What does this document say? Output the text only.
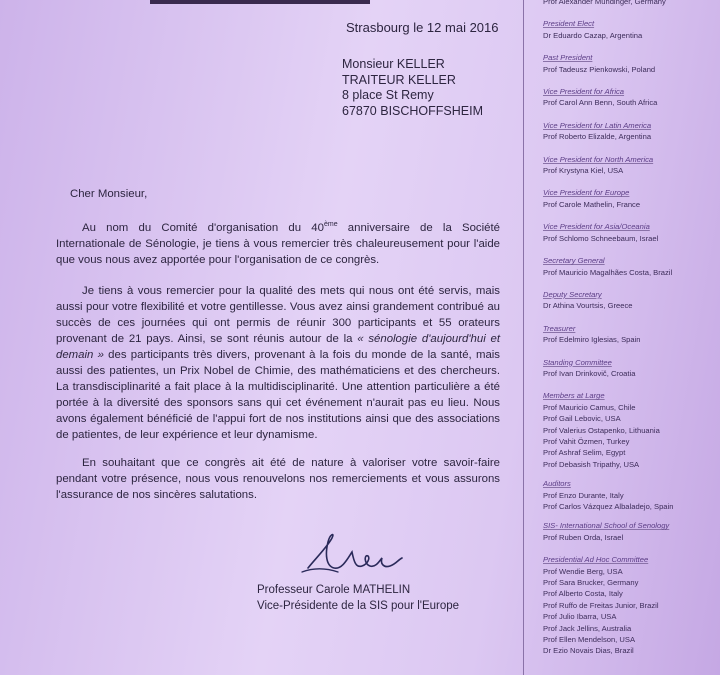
Strasbourg le 12 mai 2016
Monsieur KELLER
TRAITEUR KELLER
8 place St Remy
67870 BISCHOFFSHEIM
Cher Monsieur,

Au nom du Comité d'organisation du 40ème anniversaire de la Société Internationale de Sénologie, je tiens à vous remercier très chaleureusement pour l'aide que vous nous avez apportée pour l'organisation de ce congrès.

Je tiens à vous remercier pour la qualité des mets qui nous ont été servis, mais aussi pour votre flexibilité et votre gentillesse. Vous avez ainsi grandement contribué au succès de ces journées qui ont permis de réunir 300 participants et 55 orateurs provenant de 21 pays. Ainsi, se sont réunis autour de la « sénologie d'aujourd'hui et demain » des participants très divers, provenant à la fois du monde de la santé, mais aussi des patientes, un Prix Nobel de Chimie, des mathématiciens et des chercheurs. La transdisciplinarité a fait place à la multidisciplinarité. Une attention particulière a été portée à la diversité des sponsors sans qui cet événement n'aurait pas eu lieu. Nous avons également bénéficié de l'appui fort de nos institutions ainsi que des associations de patientes, de leur expérience et leur dynamisme.

En souhaitant que ce congrès ait été de nature à valoriser votre savoir-faire pendant votre présence, nous vous renouvelons nos remerciements et vous assurons l'assurance de nos sincères salutations.

Professeur Carole MATHELIN
Vice-Présidente de la SIS pour l'Europe
Prof Alexander Mundinger, Germany
President Elect
Dr Eduardo Cazap, Argentina
Past President
Prof Tadeusz Pienkowski, Poland
Vice President for Africa
Prof Carol Ann Benn, South Africa
Vice President for Latin America
Prof Roberto Elizalde, Argentina
Vice President for North America
Prof Krystyna Kiel, USA
Vice President for Europe
Prof Carole Mathelin, France
Vice President for Asia/Oceania
Prof Schlomo Schneebaum, Israel
Secretary General
Prof Mauricio Magalhães Costa, Brazil
Deputy Secretary
Dr Athina Vourtsis, Greece
Treasurer
Prof Edelmiro Iglesias, Spain
Standing Committee
Prof Ivan Drinkovič, Croatia
Members at Large
Prof Mauricio Camus, Chile
Prof Gail Lebovic, USA
Prof Valerius Ostapenko, Lithuania
Prof Vahit Özmen, Turkey
Prof Ashraf Selim, Egypt
Prof Debasish Tripathy, USA
Auditors
Prof Enzo Durante, Italy
Prof Carlos Vázquez Albaladejo, Spain
SIS- International School of Senology
Prof Ruben Orda, Israel
Presidential Ad Hoc Committee
Prof Wendie Berg, USA
Prof Sara Brucker, Germany
Prof Alberto Costa, Italy
Prof Ruffo de Freitas Junior, Brazil
Prof Julio Ibarra, USA
Prof Jack Jellins, Australia
Prof Ellen Mendelson, USA
Dr Ezio Novais Dias, Brazil
